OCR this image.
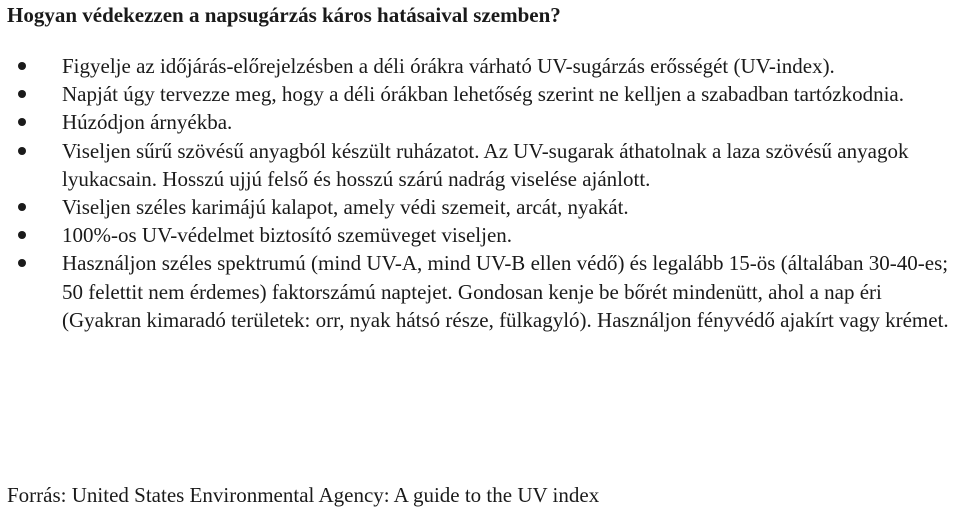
Hogyan védekezzen a napsugárzás káros hatásaival szemben?
Figyelje az időjárás-előrejelzésben a déli órákra várható UV-sugárzás erősségét (UV-index).
Napját úgy tervezze meg, hogy a déli órákban lehetőség szerint ne kelljen a szabadban tartózkodnia.
Húzódjon árnyékba.
Viseljen sűrű szövésű anyagból készült ruházatot. Az UV-sugarak áthatolnak a laza szövésű anyagok lyukacsain. Hosszú ujjú felső és hosszú szárú nadrág viselése ajánlott.
Viseljen széles karimájú kalapot, amely védi szemeit, arcát, nyakát.
100%-os UV-védelmet biztosító szemüveget viseljen.
Használjon széles spektrumú (mind UV-A, mind UV-B ellen védő) és legalább 15-ös (általában 30-40-es; 50 felettit nem érdemes) faktorszámú naptejet. Gondosan kenje be bőrét mindenütt, ahol a nap éri (Gyakran kimaradó területek: orr, nyak hátsó része, fülkagyló). Használjon fényvédő ajakírt vagy krémet.

Forrás: United States Environmental Agency: A guide to the UV index
